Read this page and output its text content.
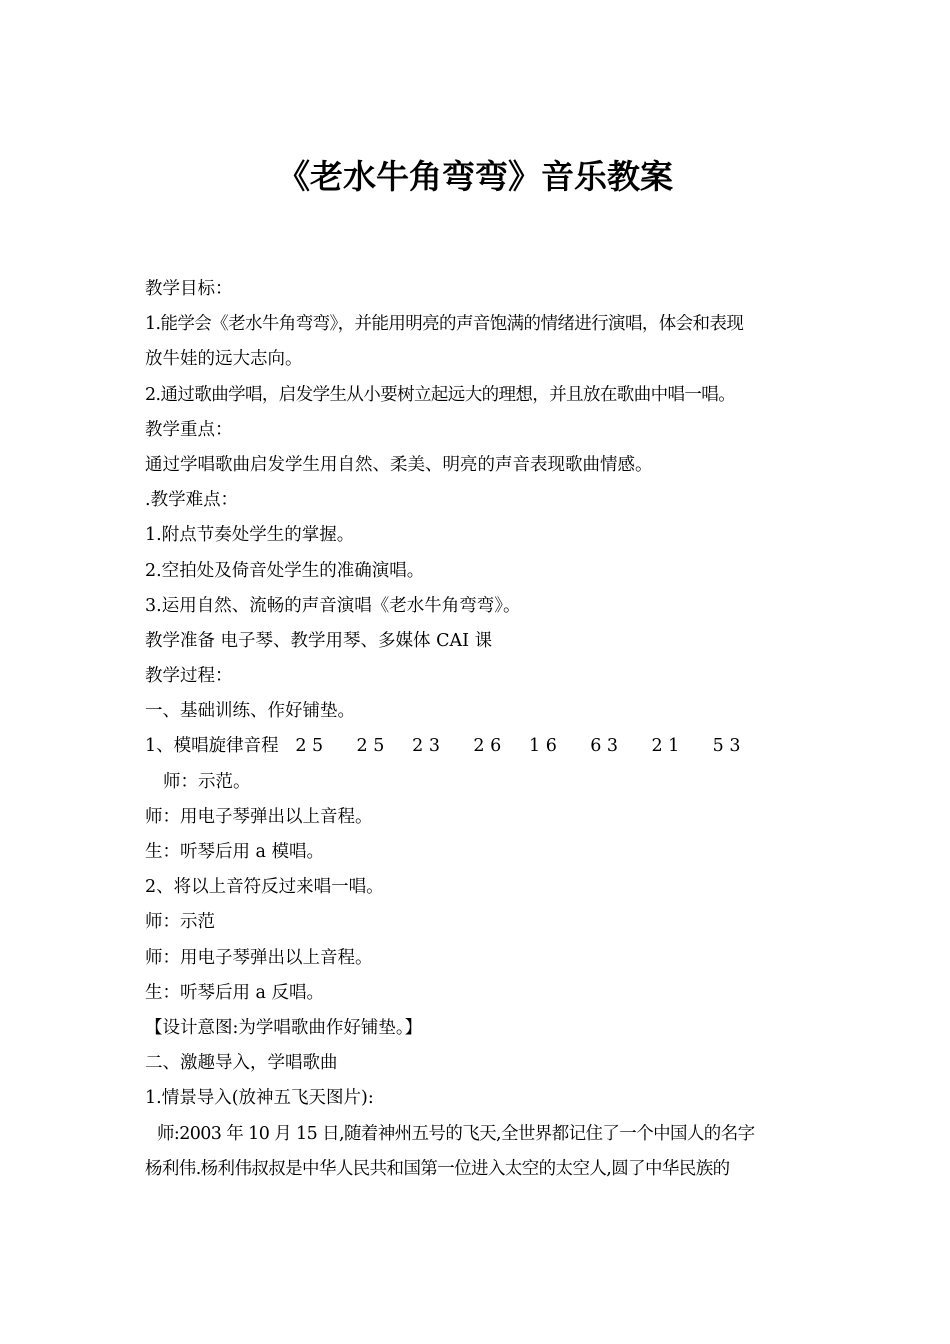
《老水牛角弯弯》音乐教案
教学目标：
1.能学会《老水牛角弯弯》，并能用明亮的声音饱满的情绪进行演唱，体会和表现
放牛娃的远大志向。
2.通过歌曲学唱，启发学生从小要树立起远大的理想，并且放在歌曲中唱一唱。
教学重点：
通过学唱歌曲启发学生用自然、柔美、明亮的声音表现歌曲情感。
.教学难点：
1.附点节奏处学生的掌握。
2.空拍处及倚音处学生的准确演唱。
3.运用自然、流畅的声音演唱《老水牛角弯弯》。
教学准备 电子琴、教学用琴、多媒体 CAI 课
教学过程：
一、基础训练、作好铺垫。
1、模唱旋律音程   2 5      2 5     2 3      2 6     1 6      6 3      2 1      5 3
师：示范。
师：用电子琴弹出以上音程。
生：听琴后用 a 模唱。
2、将以上音符反过来唱一唱。
师：示范
师：用电子琴弹出以上音程。
生：听琴后用 a 反唱。
【设计意图:为学唱歌曲作好铺垫。】
二、激趣导入，学唱歌曲
1.情景导入(放神五飞天图片):
师:2003 年 10 月 15 日,随着神州五号的飞天,全世界都记住了一个中国人的名字
杨利伟.杨利伟叔叔是中华人民共和国第一位进入太空的太空人,圆了中华民族的
